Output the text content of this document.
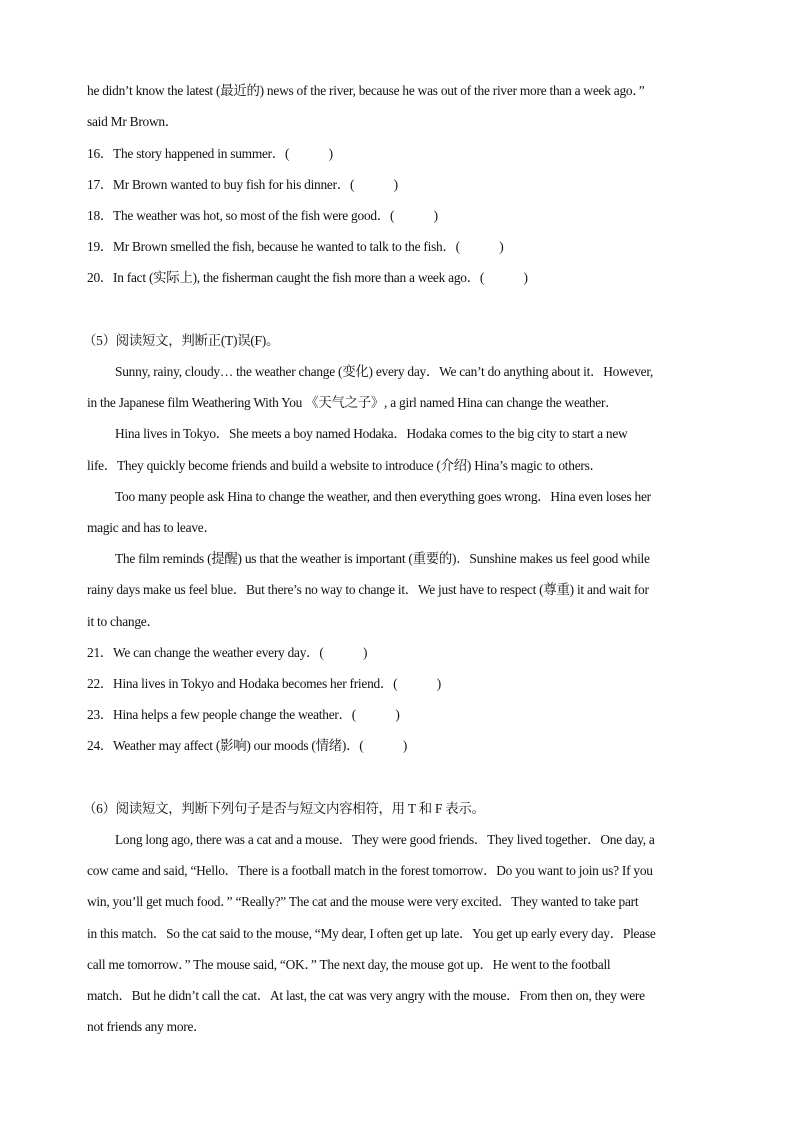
he didn’t know the latest (最近的) news of the river, because he was out of the river more than a week ago．”
said Mr Brown．
16．The story happened in summer．(　　　)
17．Mr Brown wanted to buy fish for his dinner．(　　　)
18．The weather was hot, so most of the fish were good．(　　　)
19．Mr Brown smelled the fish, because he wanted to talk to the fish．(　　　)
20．In fact (实际上), the fisherman caught the fish more than a week ago．(　　　)
（5）阅读短文，判断正(T)误(F)。
Sunny, rainy, cloudy… the weather change (变化) every day．We can’t do anything about it．However,
in the Japanese film Weathering With You 《天气之子》, a girl named Hina can change the weather．
Hina lives in Tokyo．She meets a boy named Hodaka．Hodaka comes to the big city to start a new
life．They quickly become friends and build a website to introduce (介绍) Hina’s magic to others．
Too many people ask Hina to change the weather, and then everything goes wrong．Hina even loses her
magic and has to leave．
The film reminds (提醒) us that the weather is important (重要的)．Sunshine makes us feel good while
rainy days make us feel blue．But there’s no way to change it．We just have to respect (尊重) it and wait for
it to change．
21．We can change the weather every day．(　　　)
22．Hina lives in Tokyo and Hodaka becomes her friend．(　　　)
23．Hina helps a few people change the weather．(　　　)
24．Weather may affect (影响) our moods (情绪)．(　　　)
（6）阅读短文，判断下列句子是否与短文内容相符，用 T 和 F 表示。
Long long ago, there was a cat and a mouse．They were good friends．They lived together．One day, a
cow came and said, “Hello．There is a football match in the forest tomorrow．Do you want to join us? If you
win, you’ll get much food．” “Really?” The cat and the mouse were very excited．They wanted to take part
in this match．So the cat said to the mouse, “My dear, I often get up late．You get up early every day．Please
call me tomorrow．” The mouse said, “OK．” The next day, the mouse got up．He went to the football
match．But he didn’t call the cat．At last, the cat was very angry with the mouse．From then on, they were
not friends any more．
